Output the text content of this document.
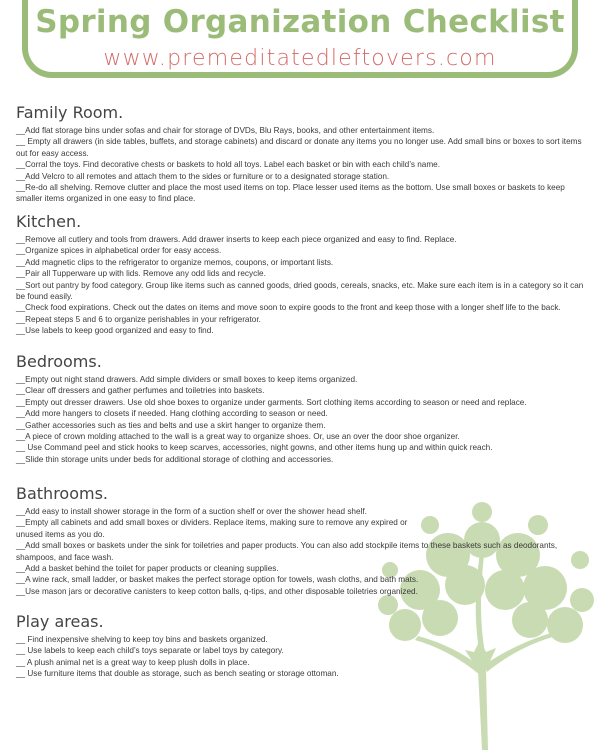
Spring Organization Checklist
www.premeditatedleftovers.com
Family Room.
__Add flat storage bins under sofas and chair for storage of DVDs, Blu Rays, books, and other entertainment items.
__ Empty all drawers (in side tables, buffets, and storage cabinets) and discard or donate any items you no longer use. Add small bins or boxes to sort items out for easy access.
__Corral the toys. Find decorative chests or baskets to hold all toys. Label each basket or bin with each child’s name.
__Add Velcro to all remotes and attach them to the sides or furniture or to a designated storage station.
__Re-do all shelving. Remove clutter and place the most used items on top. Place lesser used items as the bottom. Use small boxes or baskets to keep smaller items organized in one easy to find place.
Kitchen.
__Remove all cutlery and tools from drawers. Add drawer inserts to keep each piece organized and easy to find. Replace.
__Organize spices in alphabetical order for easy access.
__Add magnetic clips to the refrigerator to organize memos, coupons, or important lists.
__Pair all Tupperware up with lids. Remove any odd lids and recycle.
__Sort out pantry by food category. Group like items such as canned goods, dried goods, cereals, snacks, etc. Make sure each item is in a category so it can be found easily.
__Check food expirations. Check out the dates on items and move soon to expire goods to the front and keep those with a longer shelf life to the back.
__Repeat steps 5 and 6 to organize perishables in your refrigerator.
__Use labels to keep good organized and easy to find.
Bedrooms.
__Empty out night stand drawers. Add simple dividers or small boxes to keep items organized.
__Clear off dressers and gather perfumes and toiletries into baskets.
__Empty out dresser drawers. Use old shoe boxes to organize under garments. Sort clothing items according to season or need and replace.
__Add more hangers to closets if needed. Hang clothing according to season or need.
__Gather accessories such as ties and belts and use a skirt hanger to organize them.
__A piece of crown molding attached to the wall is a great way to organize shoes. Or, use an over the door shoe organizer.
__ Use Command peel and stick hooks to keep scarves, accessories, night gowns, and other items hung up and within quick reach.
__Slide thin storage units under beds for additional storage of clothing and accessories.
Bathrooms.
__Add easy to install shower storage in the form of a suction shelf or over the shower head shelf.
__Empty all cabinets and add small boxes or dividers. Replace items, making sure to remove any expired or unused items as you do.
__Add small boxes or baskets under the sink for toiletries and paper products. You can also add stockpile items to these baskets such as deodorants, shampoos, and face wash.
__Add a basket behind the toilet for paper products or cleaning supplies.
__A wine rack, small ladder, or basket makes the perfect storage option for towels, wash cloths, and bath mats.
__Use mason jars or decorative canisters to keep cotton balls, q-tips, and other disposable toiletries organized.
Play areas.
__ Find inexpensive shelving to keep toy bins and baskets organized.
__ Use labels to keep each child’s toys separate or label toys by category.
__ A plush animal net is a great way to keep plush dolls in place.
__ Use furniture items that double as storage, such as bench seating or storage ottoman.
